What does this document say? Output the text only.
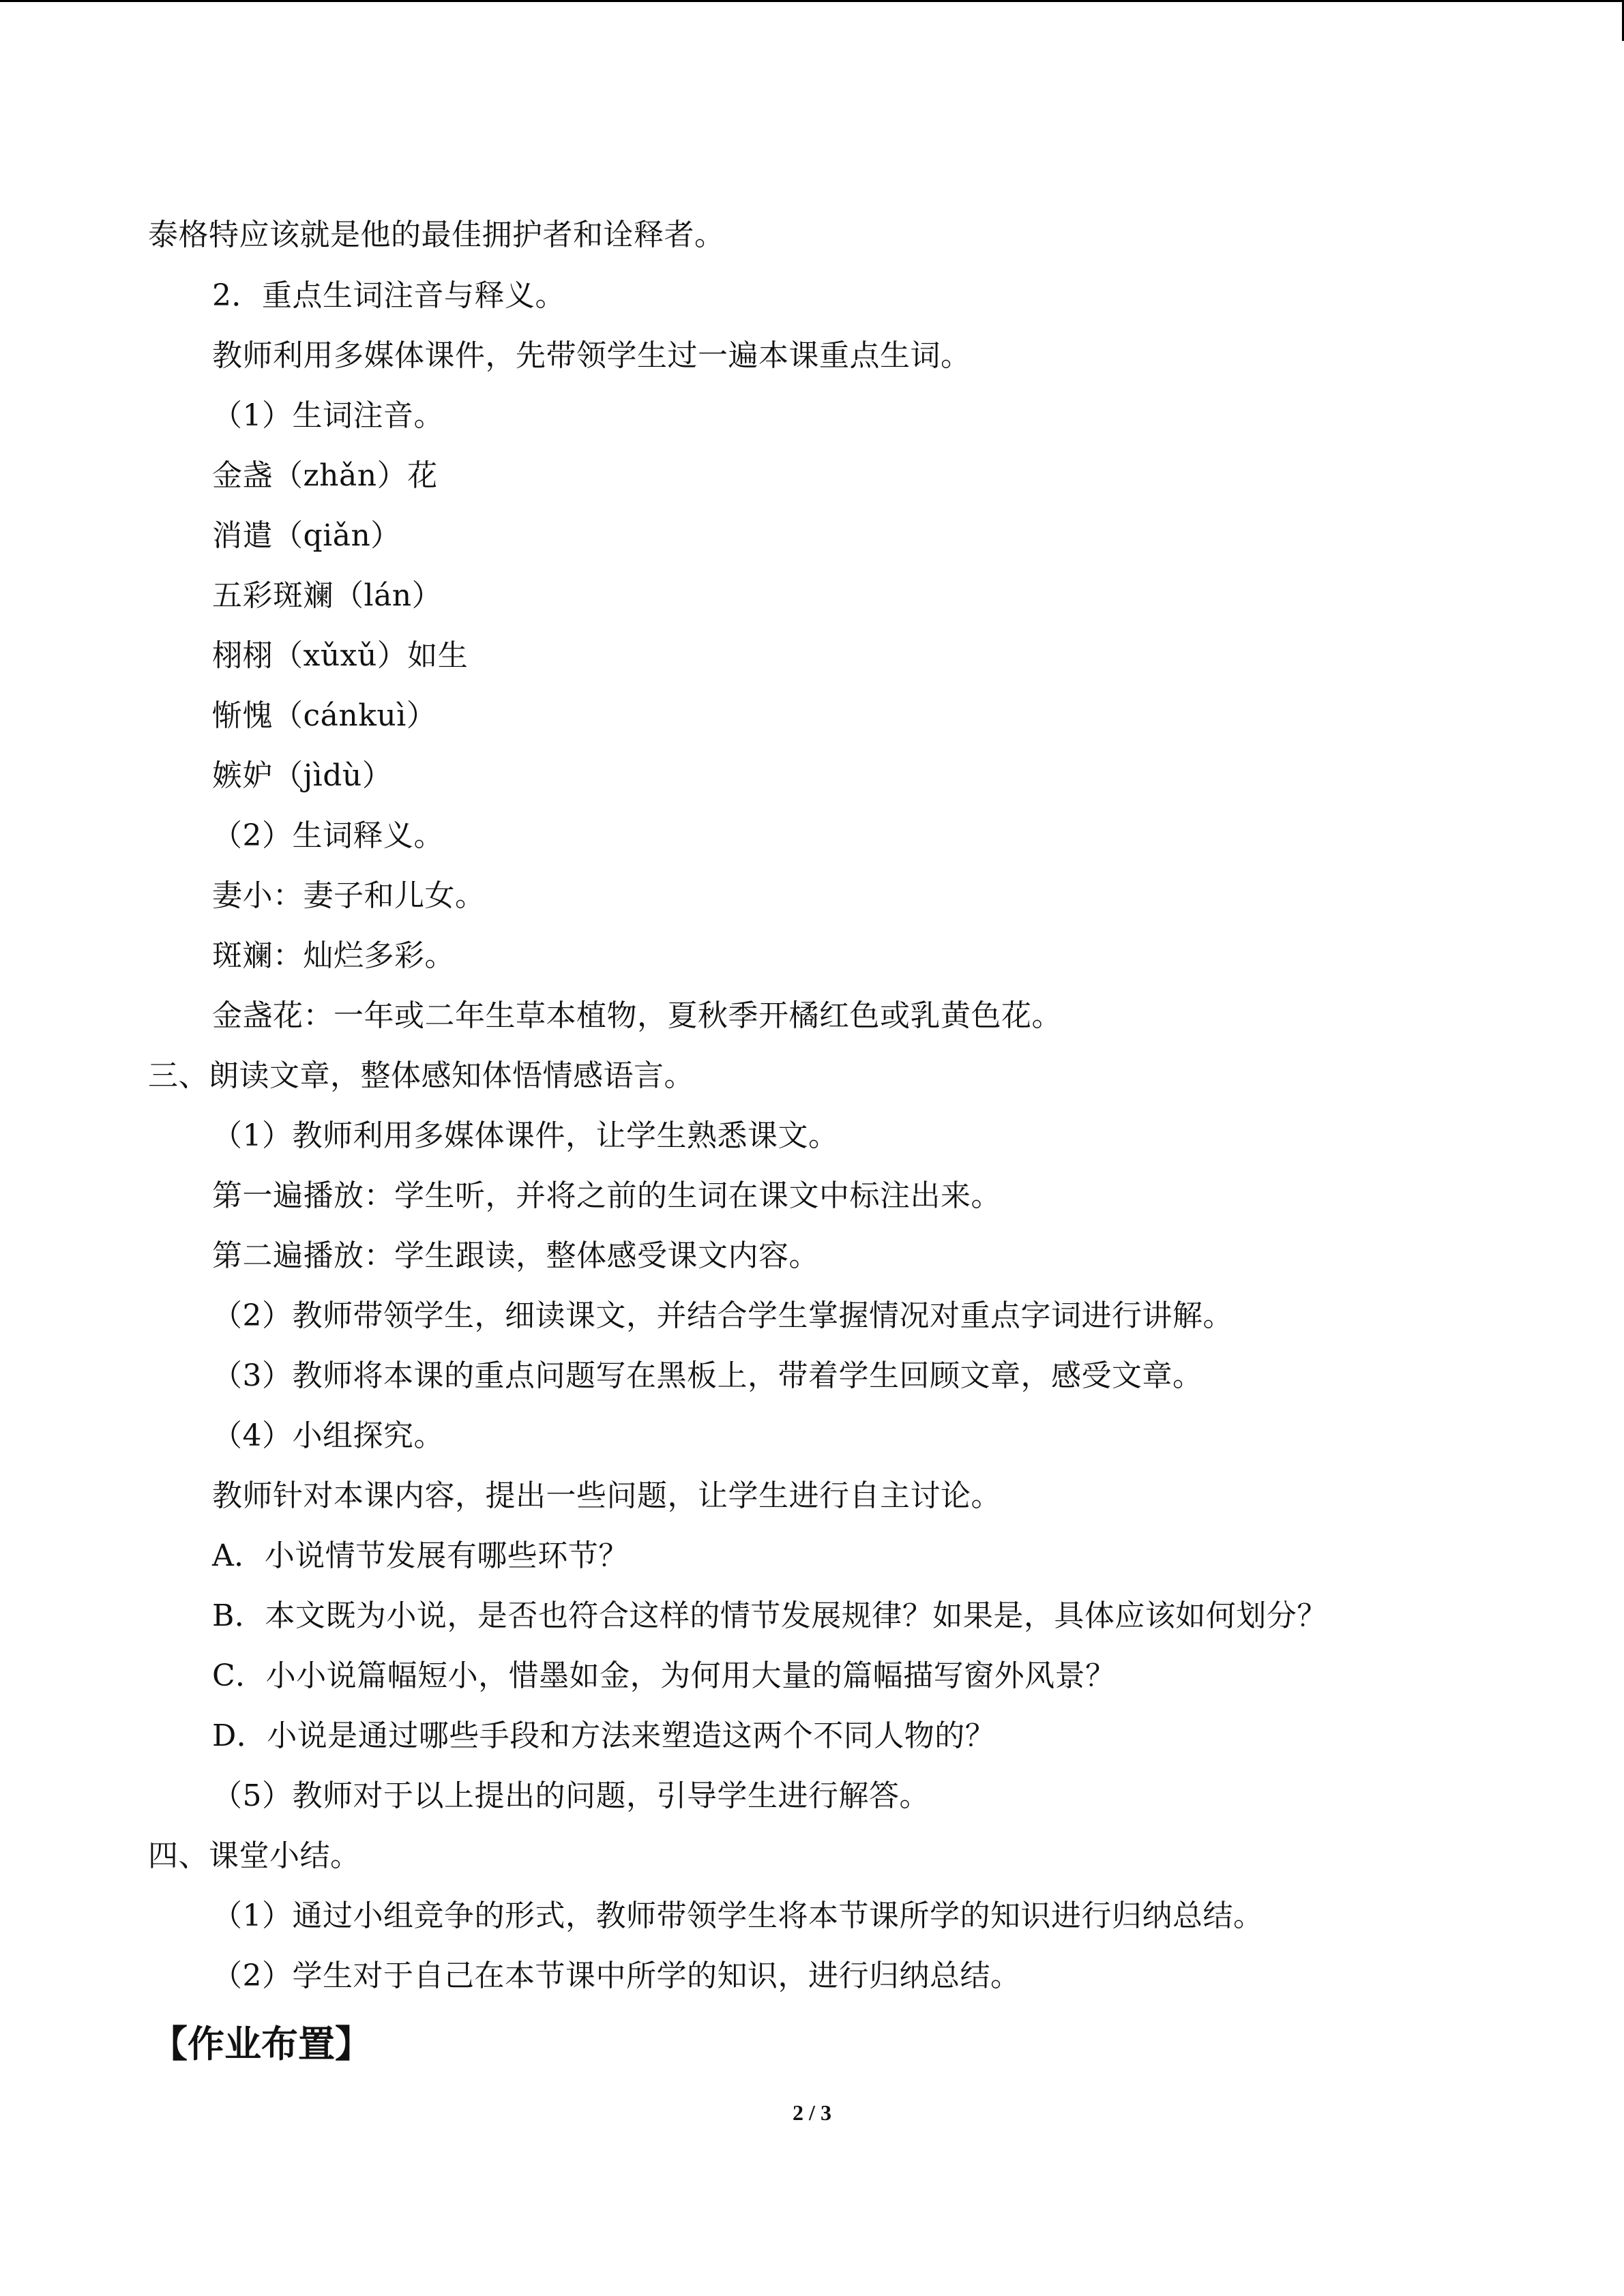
泰格特应该就是他的最佳拥护者和诠释者。
2．重点生词注音与释义。
教师利用多媒体课件，先带领学生过一遍本课重点生词。
（1）生词注音。
金盏（zhǎn）花
消遣（qiǎn）
五彩斑斓（lán）
栩栩（xǔxǔ）如生
惭愧（cánkuì）
嫉妒（jìdù）
（2）生词释义。
妻小：妻子和儿女。
斑斓：灿烂多彩。
金盏花：一年或二年生草本植物，夏秋季开橘红色或乳黄色花。
三、朗读文章，整体感知体悟情感语言。
（1）教师利用多媒体课件，让学生熟悉课文。
第一遍播放：学生听，并将之前的生词在课文中标注出来。
第二遍播放：学生跟读，整体感受课文内容。
（2）教师带领学生，细读课文，并结合学生掌握情况对重点字词进行讲解。
（3）教师将本课的重点问题写在黑板上，带着学生回顾文章，感受文章。
（4）小组探究。
教师针对本课内容，提出一些问题，让学生进行自主讨论。
A．小说情节发展有哪些环节？
B．本文既为小说，是否也符合这样的情节发展规律？如果是，具体应该如何划分？
C．小小说篇幅短小，惜墨如金，为何用大量的篇幅描写窗外风景？
D．小说是通过哪些手段和方法来塑造这两个不同人物的？
（5）教师对于以上提出的问题，引导学生进行解答。
四、课堂小结。
（1）通过小组竞争的形式，教师带领学生将本节课所学的知识进行归纳总结。
（2）学生对于自己在本节课中所学的知识，进行归纳总结。
【作业布置】
2 / 3
